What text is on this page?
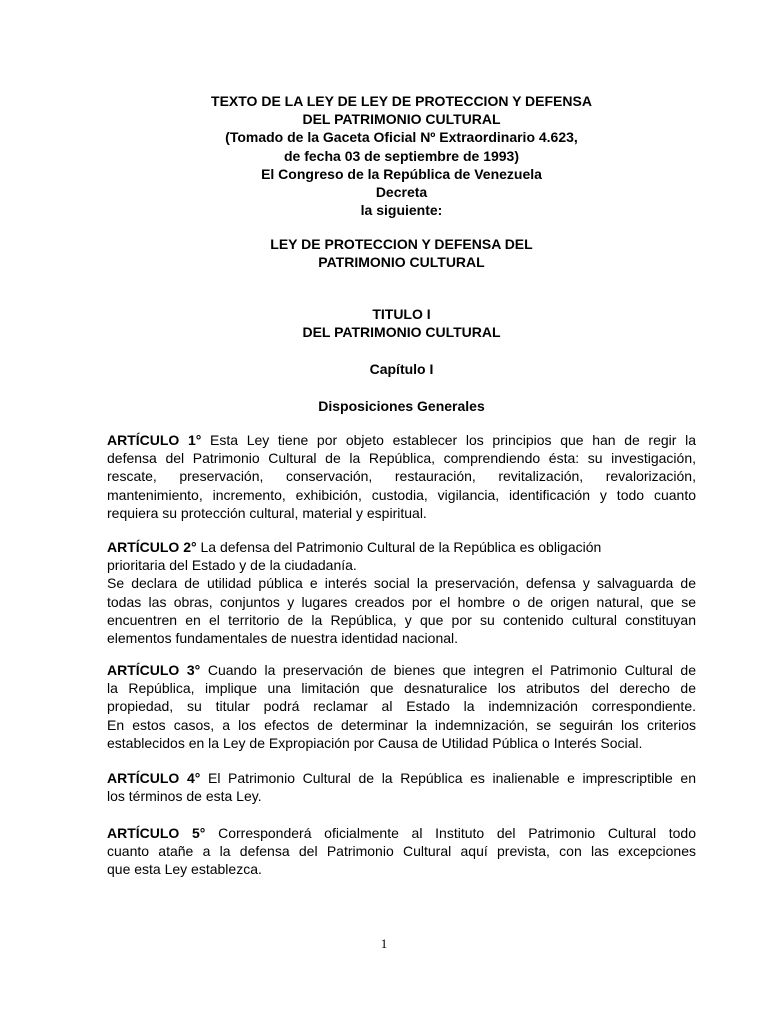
TEXTO DE LA LEY DE LEY DE PROTECCION Y DEFENSA
DEL PATRIMONIO CULTURAL
(Tomado de la Gaceta Oficial Nº Extraordinario 4.623,
de fecha 03 de septiembre de 1993)
El Congreso de la República de Venezuela
Decreta
la siguiente:
LEY DE PROTECCION Y DEFENSA DEL
PATRIMONIO CULTURAL
TITULO I
DEL PATRIMONIO CULTURAL
Capítulo I
Disposiciones Generales
ARTÍCULO 1° Esta Ley tiene por objeto establecer los principios que han de regir la
defensa del Patrimonio Cultural de la República, comprendiendo ésta: su investigación,
rescate, preservación, conservación, restauración, revitalización, revalorización,
mantenimiento, incremento, exhibición, custodia, vigilancia, identificación y todo cuanto
requiera su protección cultural, material y espiritual.
ARTÍCULO 2° La defensa del Patrimonio Cultural de la República es obligación
prioritaria del Estado y de la ciudadanía.
Se declara de utilidad pública e interés social la preservación, defensa y salvaguarda de
todas las obras, conjuntos y lugares creados por el hombre o de origen natural, que se
encuentren en el territorio de la República, y que por su contenido cultural constituyan
elementos fundamentales de nuestra identidad nacional.
ARTÍCULO 3° Cuando la preservación de bienes que integren el Patrimonio Cultural de
la República, implique una limitación que desnaturalice los atributos del derecho de
propiedad, su titular podrá reclamar al Estado la indemnización correspondiente.
En estos casos, a los efectos de determinar la indemnización, se seguirán los criterios
establecidos en la Ley de Expropiación por Causa de Utilidad Pública o Interés Social.
ARTÍCULO 4° El Patrimonio Cultural de la República es inalienable e imprescriptible en
los términos de esta Ley.
ARTÍCULO 5° Corresponderá oficialmente al Instituto del Patrimonio Cultural todo
cuanto atañe a la defensa del Patrimonio Cultural aquí prevista, con las excepciones
que esta Ley establezca.
1
